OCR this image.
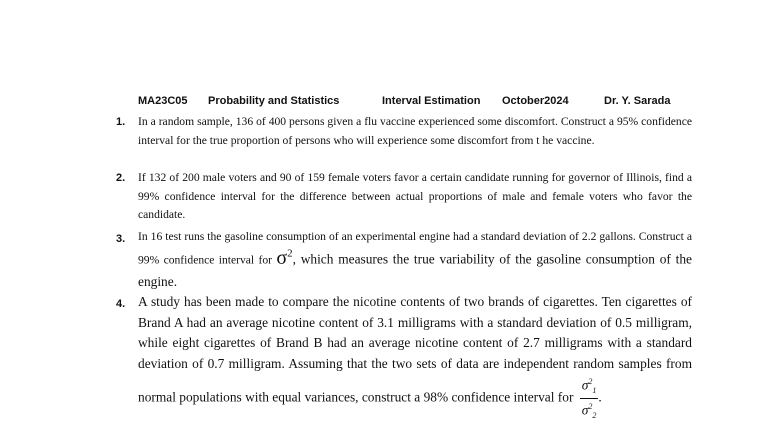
MA23C05 Probability and Statistics	Interval Estimation October2024	Dr. Y. Sarada
1. In a random sample, 136 of 400 persons given a flu vaccine experienced some discomfort. Construct a 95% confidence interval for the true proportion of persons who will experience some discomfort from t he vaccine.
2. If 132 of 200 male voters and 90 of 159 female voters favor a certain candidate running for governor of Illinois, find a 99% confidence interval for the difference between actual proportions of male and female voters who favor the candidate.
3. In 16 test runs the gasoline consumption of an experimental engine had a standard deviation of 2.2 gallons. Construct a 99% confidence interval for $\sigma^2$, which measures the true variability of the gasoline consumption of the engine.
4. A study has been made to compare the nicotine contents of two brands of cigarettes. Ten cigarettes of Brand A had an average nicotine content of 3.1 milligrams with a standard deviation of 0.5 milligram, while eight cigarettes of Brand B had an average nicotine content of 2.7 milligrams with a standard deviation of 0.7 milligram. Assuming that the two sets of data are independent random samples from normal populations with equal variances, construct a 98% confidence interval for $\frac{\sigma^2_1}{\sigma^2_2}$ .
